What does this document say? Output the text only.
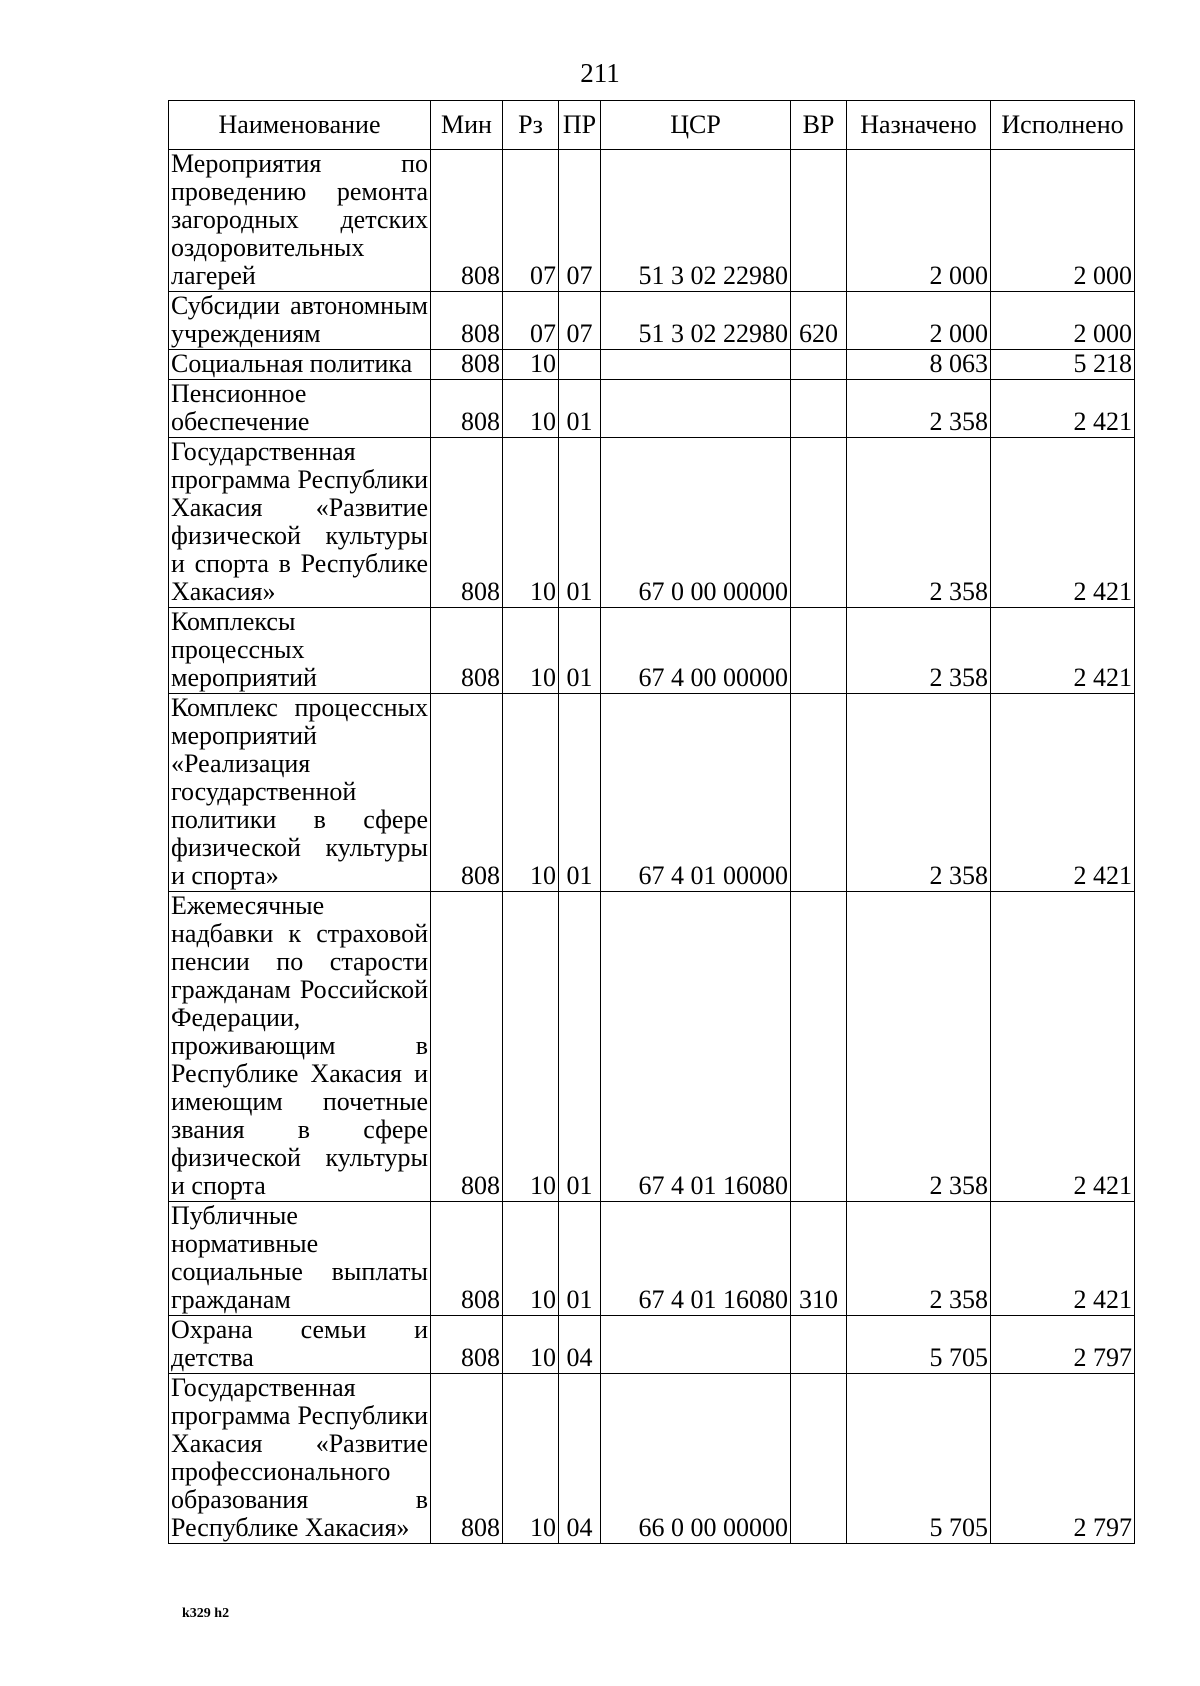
211
Наименование	Мин	Рз	ПР	ЦСР	ВР	Назначено	Исполнено
Мероприятия по проведению ремонта загородных детских оздоровительных лагерей	808	07	07	51 3 02 22980		2 000	2 000
Субсидии автономным учреждениям	808	07	07	51 3 02 22980	620	2 000	2 000
Социальная политика	808	10				8 063	5 218
Пенсионное обеспечение	808	10	01			2 358	2 421
Государственная программа Республики Хакасия «Развитие физической культуры и спорта в Республике Хакасия»	808	10	01	67 0 00 00000		2 358	2 421
Комплексы процессных мероприятий	808	10	01	67 4 00 00000		2 358	2 421
Комплекс процессных мероприятий «Реализация государственной политики в сфере физической культуры и спорта»	808	10	01	67 4 01 00000		2 358	2 421
Ежемесячные надбавки к страховой пенсии по старости гражданам Российской Федерации, проживающим в Республике Хакасия и имеющим почетные звания в сфере физической культуры и спорта	808	10	01	67 4 01 16080		2 358	2 421
Публичные нормативные социальные выплаты гражданам	808	10	01	67 4 01 16080	310	2 358	2 421
Охрана семьи и детства	808	10	04			5 705	2 797
Государственная программа Республики Хакасия «Развитие профессионального образования в Республике Хакасия»	808	10	04	66 0 00 00000		5 705	2 797
k329 h2
